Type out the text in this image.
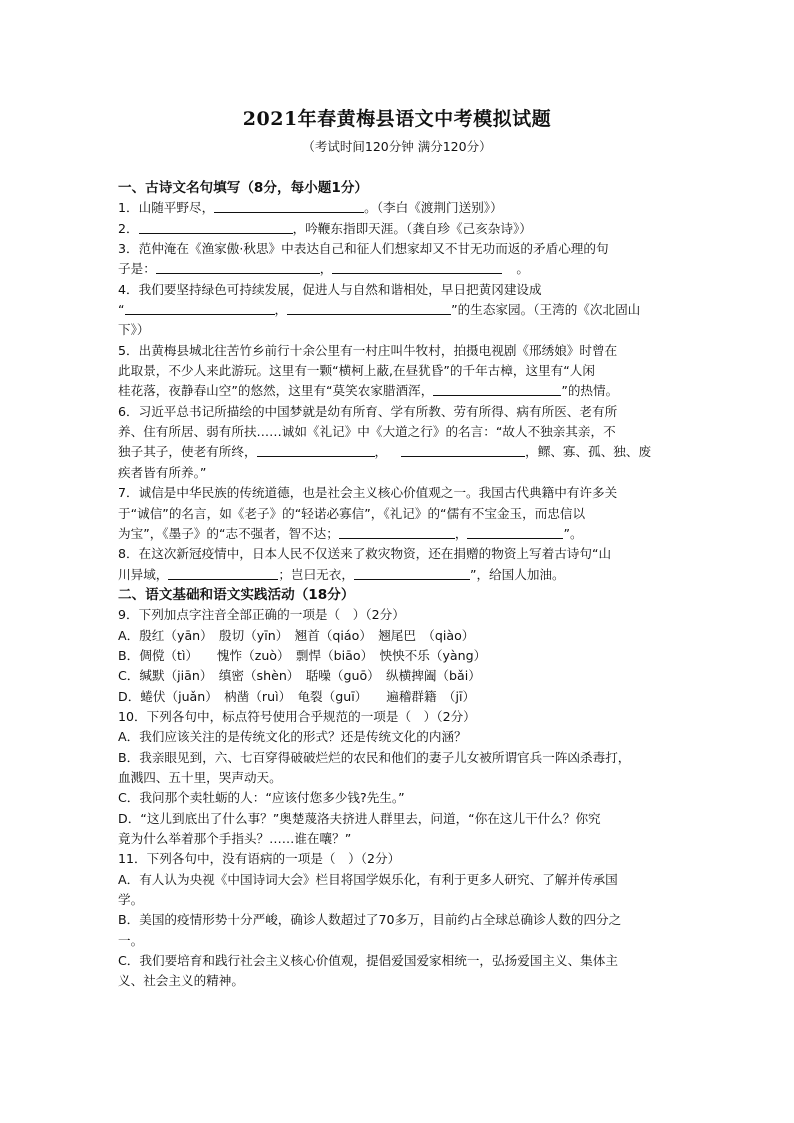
2021年春黄梅县语文中考模拟试题
（考试时间120分钟 满分120分）
一、古诗文名句填写（8分，每小题1分）
1．山随平野尽，	。（李白《渡荆门送别》）
2．	，吟鞭东指即天涯。（龚自珍《己亥杂诗》）
3．范仲淹在《渔家傲·秋思》中表达自己和征人们想家却又不甘无功而返的矛盾心理的句
子是：	，	。
4．我们要坚持绿色可持续发展，促进人与自然和谐相处，早日把黄冈建设成
“	，	”的生态家园。（王湾的《次北固山
下》）
5．出黄梅县城北往苦竹乡前行十余公里有一村庄叫牛牧村，拍摄电视剧《邢绣娘》时曾在
此取景，不少人来此游玩。这里有一颗“横柯上蔽,在昼犹昏”的千年古樟，这里有“人闲
桂花落，夜静春山空”的悠然，这里有“莫笑农家腊酒浑，	”的热情。
6．习近平总书记所描绘的中国梦就是幼有所育、学有所教、劳有所得、病有所医、老有所
养、住有所居、弱有所扶……诚如《礼记》中《大道之行》的名言：“故人不独亲其亲，不
独子其子，使老有所终，	，	，鳏、寡、孤、独、废
疾者皆有所养。”
7．诚信是中华民族的传统道德，也是社会主义核心价值观之一。我国古代典籍中有许多关
于“诚信”的名言，如《老子》的“轻诺必寡信”，《礼记》的“儒有不宝金玉，而忠信以
为宝”，《墨子》的“志不强者，智不达；	，	”。
8．在这次新冠疫情中，日本人民不仅送来了救灾物资，还在捐赠的物资上写着古诗句“山
川异域，	；岂曰无衣，	”，给国人加油。
二、语文基础和语文实践活动（18分）
9．下列加点字注音全部正确的一项是（　）（2分）
A．殷红（yān）　殷切（yīn）　翘首（qiáo）　翘尾巴　（qiào）
B．倜傥（tì）　　愧怍（zuò）　剽悍（biāo）　怏怏不乐（yàng）
C．缄默（jiān）　缜密（shèn）　聒噪（guō）　纵横捭阖（bǎi）
D．蜷伏（juǎn）　枘凿（ruì）　龟裂（guī）　　遍稽群籍　（jī）
10．下列各句中，标点符号使用合乎规范的一项是（　）（2分）
A．我们应该关注的是传统文化的形式？还是传统文化的内涵？
B．我亲眼见到，六、七百穿得破破烂烂的农民和他们的妻子儿女被所谓官兵一阵凶杀毒打，
血溅四、五十里，哭声动天。
C．我问那个卖牡蛎的人：“应该付您多少钱?先生。”
D．“这儿到底出了什么事？”奥楚蔑洛夫挤进人群里去，问道，“你在这儿干什么？你究
竟为什么举着那个手指头？……谁在嚷？”
11．下列各句中，没有语病的一项是（　）（2分）
A．有人认为央视《中国诗词大会》栏目将国学娱乐化，有利于更多人研究、了解并传承国
学。
B．美国的疫情形势十分严峻，确诊人数超过了70多万，目前约占全球总确诊人数的四分之
一。
C．我们要培育和践行社会主义核心价值观，提倡爱国爱家相统一，弘扬爱国主义、集体主
义、社会主义的精神。
